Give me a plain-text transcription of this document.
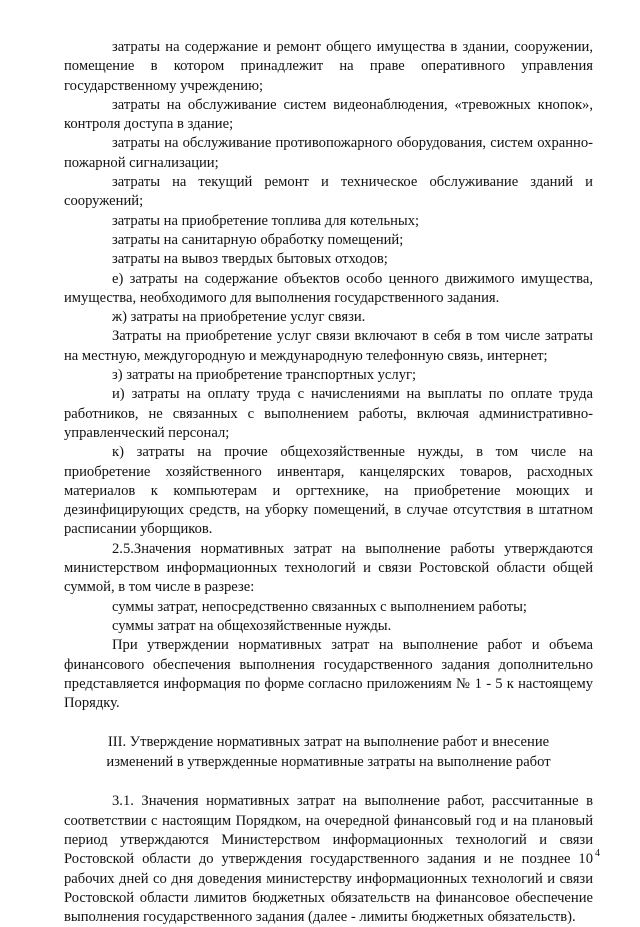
затраты на содержание и ремонт общего имущества в здании, сооружении, помещение в котором принадлежит на праве оперативного управления государственному учреждению;

затраты на обслуживание систем видеонаблюдения, «тревожных кнопок», контроля доступа в здание;

затраты на обслуживание противопожарного оборудования, систем охранно-пожарной сигнализации;

затраты на текущий ремонт и техническое обслуживание зданий и сооружений;

затраты на приобретение топлива для котельных;

затраты на санитарную обработку помещений;

затраты на вывоз твердых бытовых отходов;

е) затраты на содержание объектов особо ценного движимого имущества, имущества, необходимого для выполнения государственного задания.

ж) затраты на приобретение услуг связи.

Затраты на приобретение услуг связи включают в себя в том числе затраты на местную, междугородную и международную телефонную связь, интернет;

з) затраты на приобретение транспортных услуг;

и) затраты на оплату труда с начислениями на выплаты по оплате труда работников, не связанных с выполнением работы, включая административно-управленческий персонал;

к) затраты на прочие общехозяйственные нужды, в том числе на приобретение хозяйственного инвентаря, канцелярских товаров, расходных материалов к компьютерам и оргтехнике, на приобретение моющих и дезинфицирующих средств, на уборку помещений, в случае отсутствия в штатном расписании уборщиков.

2.5.Значения нормативных затрат на выполнение работы утверждаются министерством информационных технологий и связи Ростовской области общей суммой, в том числе в разрезе:

суммы затрат, непосредственно связанных с выполнением работы;

суммы затрат на общехозяйственные нужды.

При утверждении нормативных затрат на выполнение работ и объема финансового обеспечения выполнения государственного задания дополнительно представляется информация по форме согласно приложениям № 1 - 5 к настоящему Порядку.

III. Утверждение нормативных затрат на выполнение работ и внесение
изменений в утвержденные нормативные затраты на выполнение работ

3.1. Значения нормативных затрат на выполнение работ, рассчитанные в соответствии с настоящим Порядком, на очередной финансовый год и на плановый период утверждаются Министерством информационных технологий и связи Ростовской области до утверждения государственного задания и не позднее 10 рабочих дней со дня доведения министерству информационных технологий и связи Ростовской области лимитов бюджетных обязательств на финансовое обеспечение выполнения государственного задания (далее - лимиты бюджетных обязательств).

4
